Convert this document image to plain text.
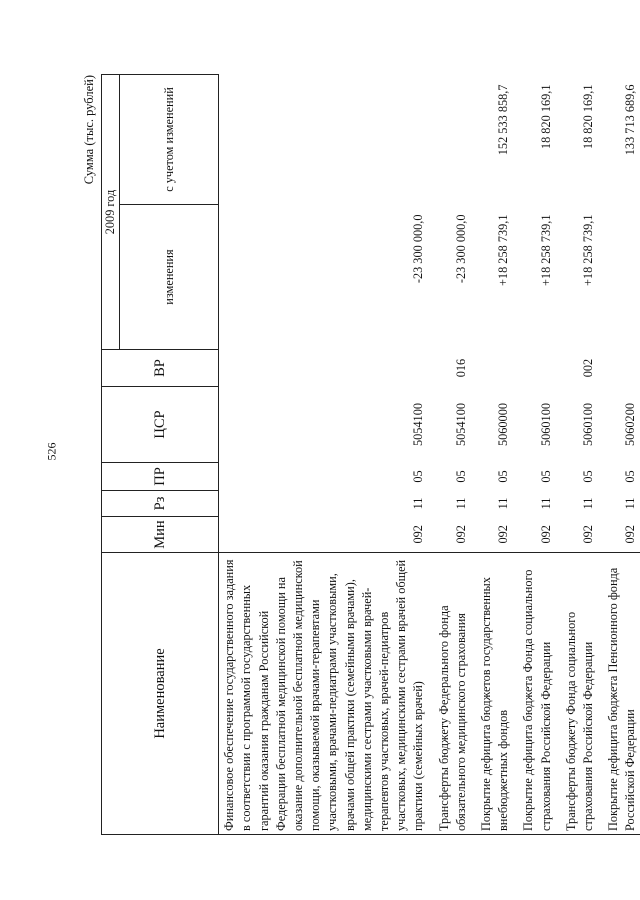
526
Сумма (тыс. рублей)
Наименование	Мин	Рз	ПР	ЦСР	ВР	2009 год	
						изменения	с учетом изменений
Финансовое обеспечение государственного задания в соответствии с программой государственных гарантий оказания гражданам Российской Федерации бесплатной медицинской помощи на оказание дополнительной бесплатной медицинской помощи, оказываемой врачами-терапевтами участковыми, врачами-педиатрами участковыми, врачами общей практики (семейными врачами), медицинскими сестрами участковыми врачей-терапевтов участковых, врачей-педиатров участковых, медицинскими сестрами врачей общей практики (семейных врачей)	092	11	05	5054100		-23 300 000,0	
Трансферты бюджету Федерального фонда обязательного медицинского страхования	092	11	05	5054100	016	-23 300 000,0	
Покрытие дефицита бюджетов государственных внебюджетных фондов	092	11	05	5060000		+18 258 739,1	152 533 858,7
Покрытие дефицита бюджета Фонда социального страхования Российской Федерации	092	11	05	5060100		+18 258 739,1	18 820 169,1
Трансферты бюджету Фонда социального страхования Российской Федерации	092	11	05	5060100	002	+18 258 739,1	18 820 169,1
Покрытие дефицита бюджета Пенсионного фонда Российской Федерации	092	11	05	5060200			133 713 689,6
